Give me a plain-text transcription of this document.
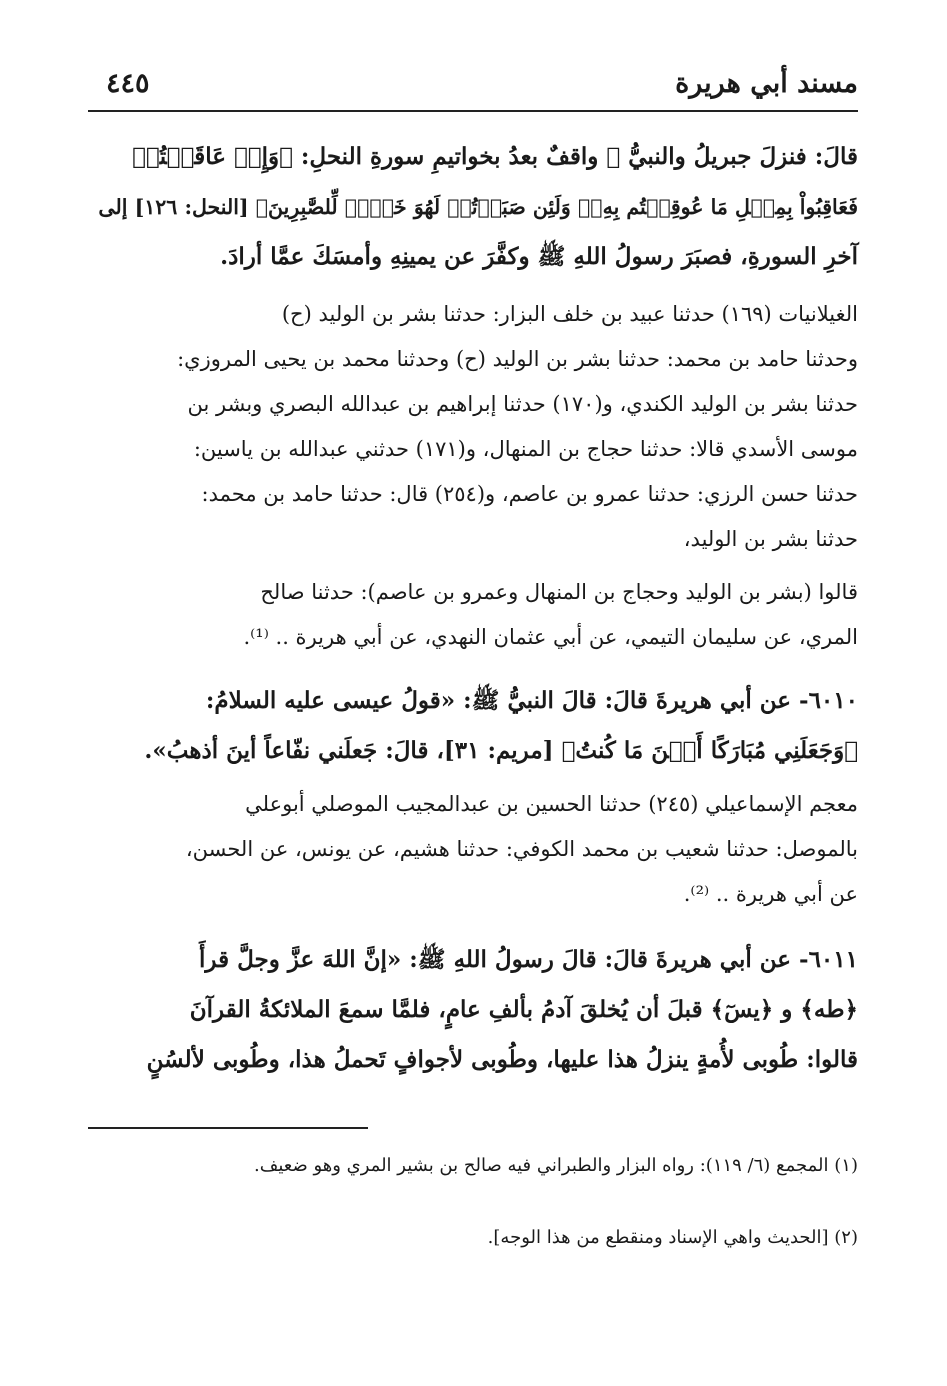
مسند أبي هريرة
٤٤٥

قالَ: فنزلَ جبريلُ والنبيُّ ﷺ واقفٌ بعدُ بخواتيمِ سورةِ النحلِ: ﴿وَإِنۡ عَاقَبۡتُمۡ
فَعَاقِبُواْ بِمِثۡلِ مَا عُوقِبۡتُم بِهِۦۖ وَلَئِن صَبَرۡتُمۡ لَهُوَ خَيۡرٞ لِّلصَّٰبِرِينَ﴾ [النحل: ١٢٦] إلى
آخرِ السورةِ، فصبَرَ رسولُ اللهِ ﷺ وكفَّرَ عن يمينِهِ وأمسَكَ عمَّا أرادَ.

الغيلانيات (١٦٩) حدثنا عبيد بن خلف البزار: حدثنا بشر بن الوليد (ح)
وحدثنا حامد بن محمد: حدثنا بشر بن الوليد (ح) وحدثنا محمد بن يحيى المروزي:
حدثنا بشر بن الوليد الكندي، و(١٧٠) حدثنا إبراهيم بن عبدالله البصري وبشر بن
موسى الأسدي قالا: حدثنا حجاج بن المنهال، و(١٧١) حدثني عبدالله بن ياسين:
حدثنا حسن الرزي: حدثنا عمرو بن عاصم، و(٢٥٤) قال: حدثنا حامد بن محمد:
حدثنا بشر بن الوليد،

قالوا (بشر بن الوليد وحجاج بن المنهال وعمرو بن عاصم): حدثنا صالح
المري، عن سليمان التيمي، عن أبي عثمان النهدي، عن أبي هريرة .. ⁽¹⁾.

٦٠١٠- عن أبي هريرةَ قالَ: قالَ النبيُّ ﷺ: «قولُ عيسى عليه السلامُ:
﴿وَجَعَلَنِي مُبَارَكًا أَيۡنَ مَا كُنتُ﴾ [مريم: ٣١]، قالَ: جَعلَني نفّاعاً أينَ أذهبُ».

معجم الإسماعيلي (٢٤٥) حدثنا الحسين بن عبدالمجيب الموصلي أبوعلي
بالموصل: حدثنا شعيب بن محمد الكوفي: حدثنا هشيم، عن يونس، عن الحسن،
عن أبي هريرة .. ⁽²⁾.

٦٠١١- عن أبي هريرةَ قالَ: قالَ رسولُ اللهِ ﷺ: «إنَّ اللهَ عزَّ وجلَّ قرأَ
﴿طه﴾ و ﴿يسٓ﴾ قبلَ أن يُخلقَ آدمُ بألفِ عامٍ، فلمَّا سمعَ الملائكةُ القرآنَ
قالوا: طُوبى لأُمةٍ ينزلُ هذا عليها، وطُوبى لأجوافٍ تَحملُ هذا، وطُوبى لألسُنٍ

(١) المجمع (٦/ ١١٩): رواه البزار والطبراني فيه صالح بن بشير المري وهو ضعيف.
(٢) [الحديث واهي الإسناد ومنقطع من هذا الوجه].
